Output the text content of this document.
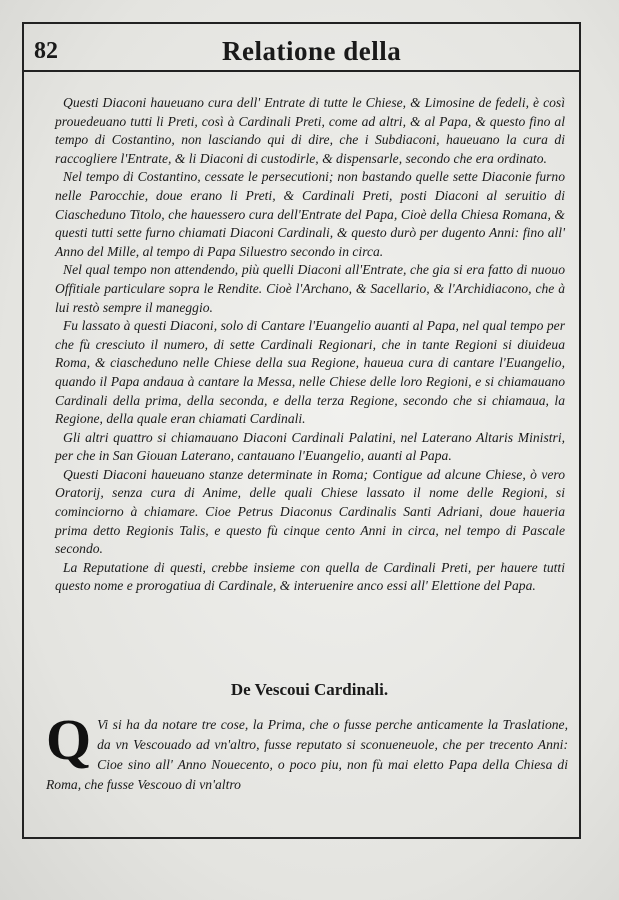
82	Relatione della

Questi Diaconi haueuano cura dell' Entrate di tutte le Chiese, & Limosine de fedeli, è così prouedeuano tutti li Preti, così à Cardinali Preti, come ad altri, & al Papa, & questo fino al tempo di Costantino, non lasciando qui di dire, che i Subdiaconi, haueuano la cura di raccogliere l'Entrate, & li Diaconi di custodirle, & dispensarle, secondo che era ordinato.

Nel tempo di Costantino, cessate le persecutioni; non bastando quelle sette Diaconie furno nelle Parocchie, doue erano li Preti, & Cardinali Preti, posti Diaconi al seruitio di Ciascheduno Titolo, che hauessero cura dell'Entrate del Papa, Cioè della Chiesa Romana, & questi tutti sette furno chiamati Diaconi Cardinali, & questo durò per dugento Anni: fino all' Anno del Mille, al tempo di Papa Siluestro secondo in circa.

Nel qual tempo non attendendo, più quelli Diaconi all'Entrate, che gia si era fatto di nuouo Offitiale particulare sopra le Rendite. Cioè l'Archano, & Sacellario, & l'Archidiacono, che à lui restò sempre il maneggio.

Fu lassato à questi Diaconi, solo di Cantare l'Euangelio auanti al Papa, nel qual tempo per che fù cresciuto il numero, di sette Cardinali Regionari, che in tante Regioni si diuideua Roma, & ciascheduno nelle Chiese della sua Regione, haueua cura di cantare l'Euangelio, quando il Papa andaua à cantare la Messa, nelle Chiese delle loro Regioni, e si chiamauano Cardinali della prima, della seconda, e della terza Regione, secondo che si chiamaua, la Regione, della quale eran chiamati Cardinali.

Gli altri quattro si chiamauano Diaconi Cardinali Palatini, nel Laterano Altaris Ministri, per che in San Giouan Laterano, cantauano l'Euangelio, auanti al Papa.

Questi Diaconi haueuano stanze determinate in Roma; Contigue ad alcune Chiese, ò vero Oratorij, senza cura di Anime, delle quali Chiese lassato il nome delle Regioni, si cominciorno à chiamare. Cioe Petrus Diaconus Cardinalis Santi Adriani, doue haueria prima detto Regionis Talis, e questo fù cinque cento Anni in circa, nel tempo di Pascale secondo.

La Reputatione di questi, crebbe insieme con quella de Cardinali Preti, per hauere tutti questo nome e prorogatiua di Cardinale, & interuenire anco essi all' Elettione del Papa.

De Vescoui Cardinali.
Q Vi si ha da notare tre cose, la Prima, che o fusse perche anticamente la Traslatione, da vn Vescouado ad vn'altro, fusse reputato si sconueneuole, che per trecento Anni: Cioe sino all' Anno Nouecento, o poco piu, non fù mai eletto Papa della Chiesa di Roma, che fusse Vescouo di vn'altro
